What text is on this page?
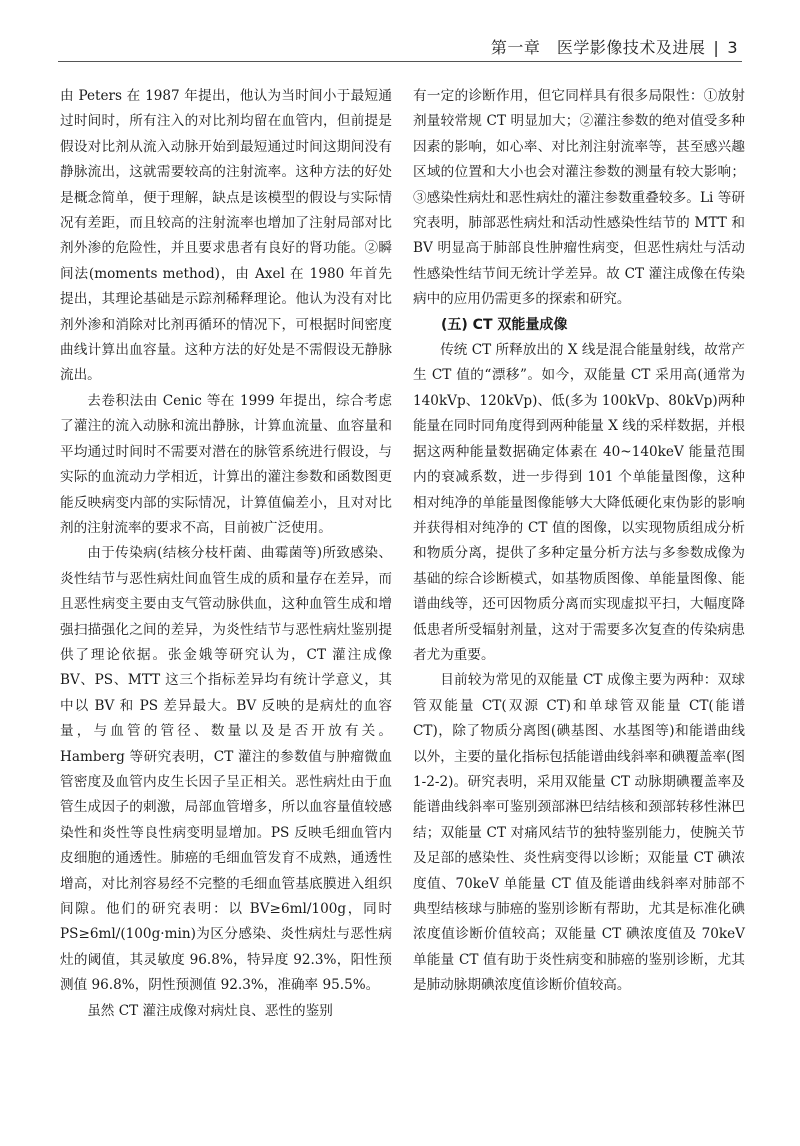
第一章　医学影像技术及进展 | 3

由 Peters 在 1987 年提出，他认为当时间小于最短通过时间时，所有注入的对比剂均留在血管内，但前提是假设对比剂从流入动脉开始到最短通过时间这期间没有静脉流出，这就需要较高的注射流率。这种方法的好处是概念简单，便于理解，缺点是该模型的假设与实际情况有差距，而且较高的注射流率也增加了注射局部对比剂外渗的危险性，并且要求患者有良好的肾功能。②瞬间法(moments method)，由 Axel 在 1980 年首先提出，其理论基础是示踪剂稀释理论。他认为没有对比剂外渗和消除对比剂再循环的情况下，可根据时间密度曲线计算出血容量。这种方法的好处是不需假设无静脉流出。

去卷积法由 Cenic 等在 1999 年提出，综合考虑了灌注的流入动脉和流出静脉，计算血流量、血容量和平均通过时间时不需要对潜在的脉管系统进行假设，与实际的血流动力学相近，计算出的灌注参数和函数图更能反映病变内部的实际情况，计算值偏差小，且对对比剂的注射流率的要求不高，目前被广泛使用。

由于传染病(结核分枝杆菌、曲霉菌等)所致感染、炎性结节与恶性病灶间血管生成的质和量存在差异，而且恶性病变主要由支气管动脉供血，这种血管生成和增强扫描强化之间的差异，为炎性结节与恶性病灶鉴别提供了理论依据。张金娥等研究认为，CT 灌注成像 BV、PS、MTT 这三个指标差异均有统计学意义，其中以 BV 和 PS 差异最大。BV 反映的是病灶的血容量，与血管的管径、数量以及是否开放有关。Hamberg 等研究表明，CT 灌注的参数值与肿瘤微血管密度及血管内皮生长因子呈正相关。恶性病灶由于血管生成因子的刺激，局部血管增多，所以血容量值较感染性和炎性等良性病变明显增加。PS 反映毛细血管内皮细胞的通透性。肺癌的毛细血管发育不成熟，通透性增高，对比剂容易经不完整的毛细血管基底膜进入组织间隙。他们的研究表明：以 BV≥6ml/100g，同时 PS≥6ml/(100g·min)为区分感染、炎性病灶与恶性病灶的阈值，其灵敏度 96.8%，特异度 92.3%，阳性预测值 96.8%，阴性预测值 92.3%，准确率 95.5%。

虽然 CT 灌注成像对病灶良、恶性的鉴别

有一定的诊断作用，但它同样具有很多局限性：①放射剂量较常规 CT 明显加大；②灌注参数的绝对值受多种因素的影响，如心率、对比剂注射流率等，甚至感兴趣区域的位置和大小也会对灌注参数的测量有较大影响；③感染性病灶和恶性病灶的灌注参数重叠较多。Li 等研究表明，肺部恶性病灶和活动性感染性结节的 MTT 和 BV 明显高于肺部良性肿瘤性病变，但恶性病灶与活动性感染性结节间无统计学差异。故 CT 灌注成像在传染病中的应用仍需更多的探索和研究。

(五) CT 双能量成像

传统 CT 所释放出的 X 线是混合能量射线，故常产生 CT 值的“漂移”。如今，双能量 CT 采用高(通常为 140kVp、120kVp)、低(多为 100kVp、80kVp)两种能量在同时同角度得到两种能量 X 线的采样数据，并根据这两种能量数据确定体素在 40~140keV 能量范围内的衰减系数，进一步得到 101 个单能量图像，这种相对纯净的单能量图像能够大大降低硬化束伪影的影响并获得相对纯净的 CT 值的图像，以实现物质组成分析和物质分离，提供了多种定量分析方法与多参数成像为基础的综合诊断模式，如基物质图像、单能量图像、能谱曲线等，还可因物质分离而实现虚拟平扫，大幅度降低患者所受辐射剂量，这对于需要多次复查的传染病患者尤为重要。

目前较为常见的双能量 CT 成像主要为两种：双球管双能量 CT(双源 CT)和单球管双能量 CT(能谱 CT)，除了物质分离图(碘基图、水基图等)和能谱曲线以外，主要的量化指标包括能谱曲线斜率和碘覆盖率(图 1-2-2)。研究表明，采用双能量 CT 动脉期碘覆盖率及能谱曲线斜率可鉴别颈部淋巴结结核和颈部转移性淋巴结；双能量 CT 对痛风结节的独特鉴别能力，使腕关节及足部的感染性、炎性病变得以诊断；双能量 CT 碘浓度值、70keV 单能量 CT 值及能谱曲线斜率对肺部不典型结核球与肺癌的鉴别诊断有帮助，尤其是标准化碘浓度值诊断价值较高；双能量 CT 碘浓度值及 70keV 单能量 CT 值有助于炎性病变和肺癌的鉴别诊断，尤其是肺动脉期碘浓度值诊断价值较高。
